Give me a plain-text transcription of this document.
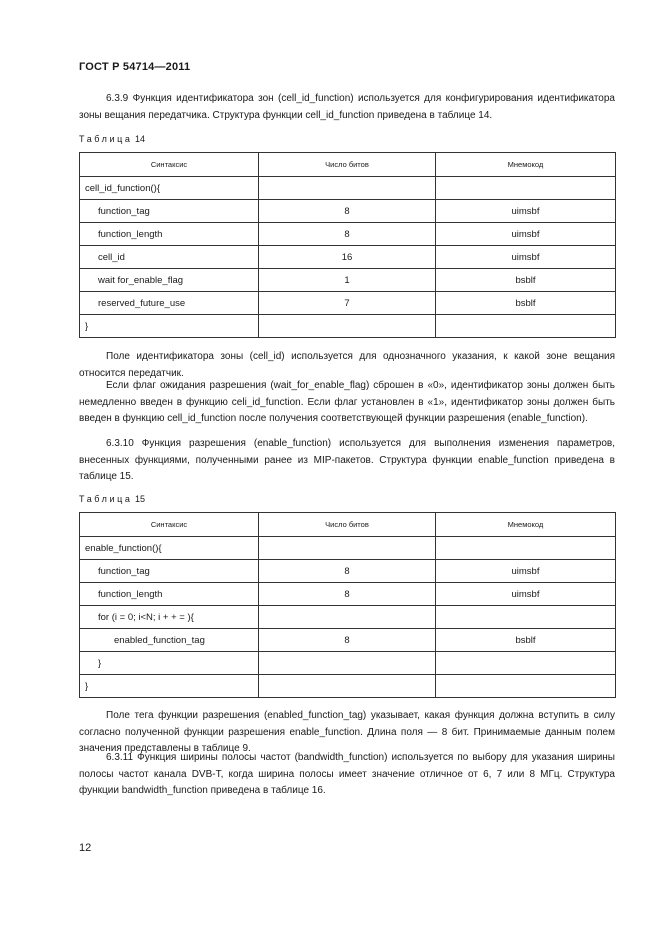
ГОСТ Р 54714—2011
6.3.9 Функция идентификатора зон (cell_id_function) используется для конфигурирования идентификатора зоны вещания передатчика. Структура функции cell_id_function приведена в таблице 14.
Таблица 14
Синтаксис	Число битов	Мнемокод
cell_id_function(){		
function_tag	8	uimsbf
function_length	8	uimsbf
cell_id	16	uimsbf
wait for_enable_flag	1	bsblf
reserved_future_use	7	bsblf
}		
Поле идентификатора зоны (cell_id) используется для однозначного указания, к какой зоне вещания относится передатчик.
Если флаг ожидания разрешения (wait_for_enable_flag) сброшен в «0», идентификатор зоны должен быть немедленно введен в функцию celi_id_function. Если флаг установлен в «1», идентификатор зоны должен быть введен в функцию cell_id_function после получения соответствующей функции разрешения (enable_function).
6.3.10 Функция разрешения (enable_function) используется для выполнения изменения параметров, внесенных функциями, полученными ранее из MIP-пакетов. Структура функции enable_function приведена в таблице 15.
Таблица 15
Синтаксис	Число битов	Мнемокод
enable_function(){		
function_tag	8	uimsbf
function_length	8	uimsbf
for (i = 0; i<N; i + + = ){		
enabled_function_tag	8	bsblf
}		
}		
Поле тега функции разрешения (enabled_function_tag) указывает, какая функция должна вступить в силу согласно полученной функции разрешения enable_function. Длина поля — 8 бит. Принимаемые данным полем значения представлены в таблице 9.
6.3.11 Функция ширины полосы частот (bandwidth_function) используется по выбору для указания ширины полосы частот канала DVB-T, когда ширина полосы имеет значение отличное от 6, 7 или 8 МГц. Структура функции bandwidth_function приведена в таблице 16.
12
